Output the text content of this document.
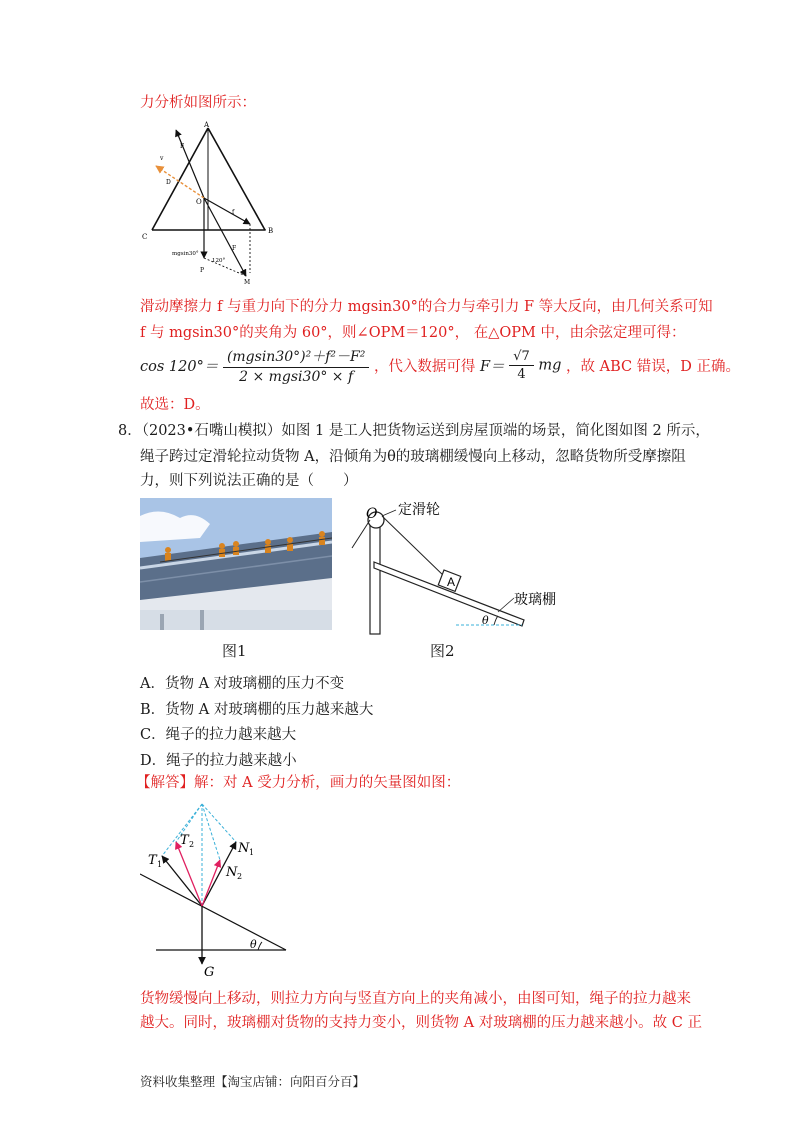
力分析如图所示：
A
B
C
O
F
v
D
f
mgsin30°
120°
F
P
M
滑动摩擦力 f 与重力向下的分力 mgsin30°的合力与牵引力 F 等大反向，由几何关系可知
f 与 mgsin30°的夹角为 60°，则∠OPM＝120°， 在△OPM 中，由余弦定理可得：
$\cos 120^\circ= \frac{\text{(mgsin30°)²＋f²－F²}}{\text{2 × mgsi30° × f}}$ ，代入数据可得 $F= \frac{√7}{4}$ mg ，故 ABC 错误，D 正确。
故选：D。
8．（2023•石嘴山模拟）如图 1 是工人把货物运送到房屋顶端的场景，简化图如图 2 所示，
绳子跨过定滑轮拉动货物 A，沿倾角为θ的玻璃棚缓慢向上移动，忽略货物所受摩擦阻
力，则下列说法正确的是（　　）
图1
A
O 定滑轮
玻璃棚
θ
图2
A．货物 A 对玻璃棚的压力不变
B．货物 A 对玻璃棚的压力越来越大
C．绳子的拉力越来越大
D．绳子的拉力越来越小
【解答】解：对 A 受力分析，画力的矢量图如图：
T 1
T 2	N 1
N 2
G
θ
货物缓慢向上移动，则拉力方向与竖直方向上的夹角减小，由图可知，绳子的拉力越来
越大。同时，玻璃棚对货物的支持力变小，则货物 A 对玻璃棚的压力越来越小。故 C 正
资料收集整理【淘宝店铺：向阳百分百】
